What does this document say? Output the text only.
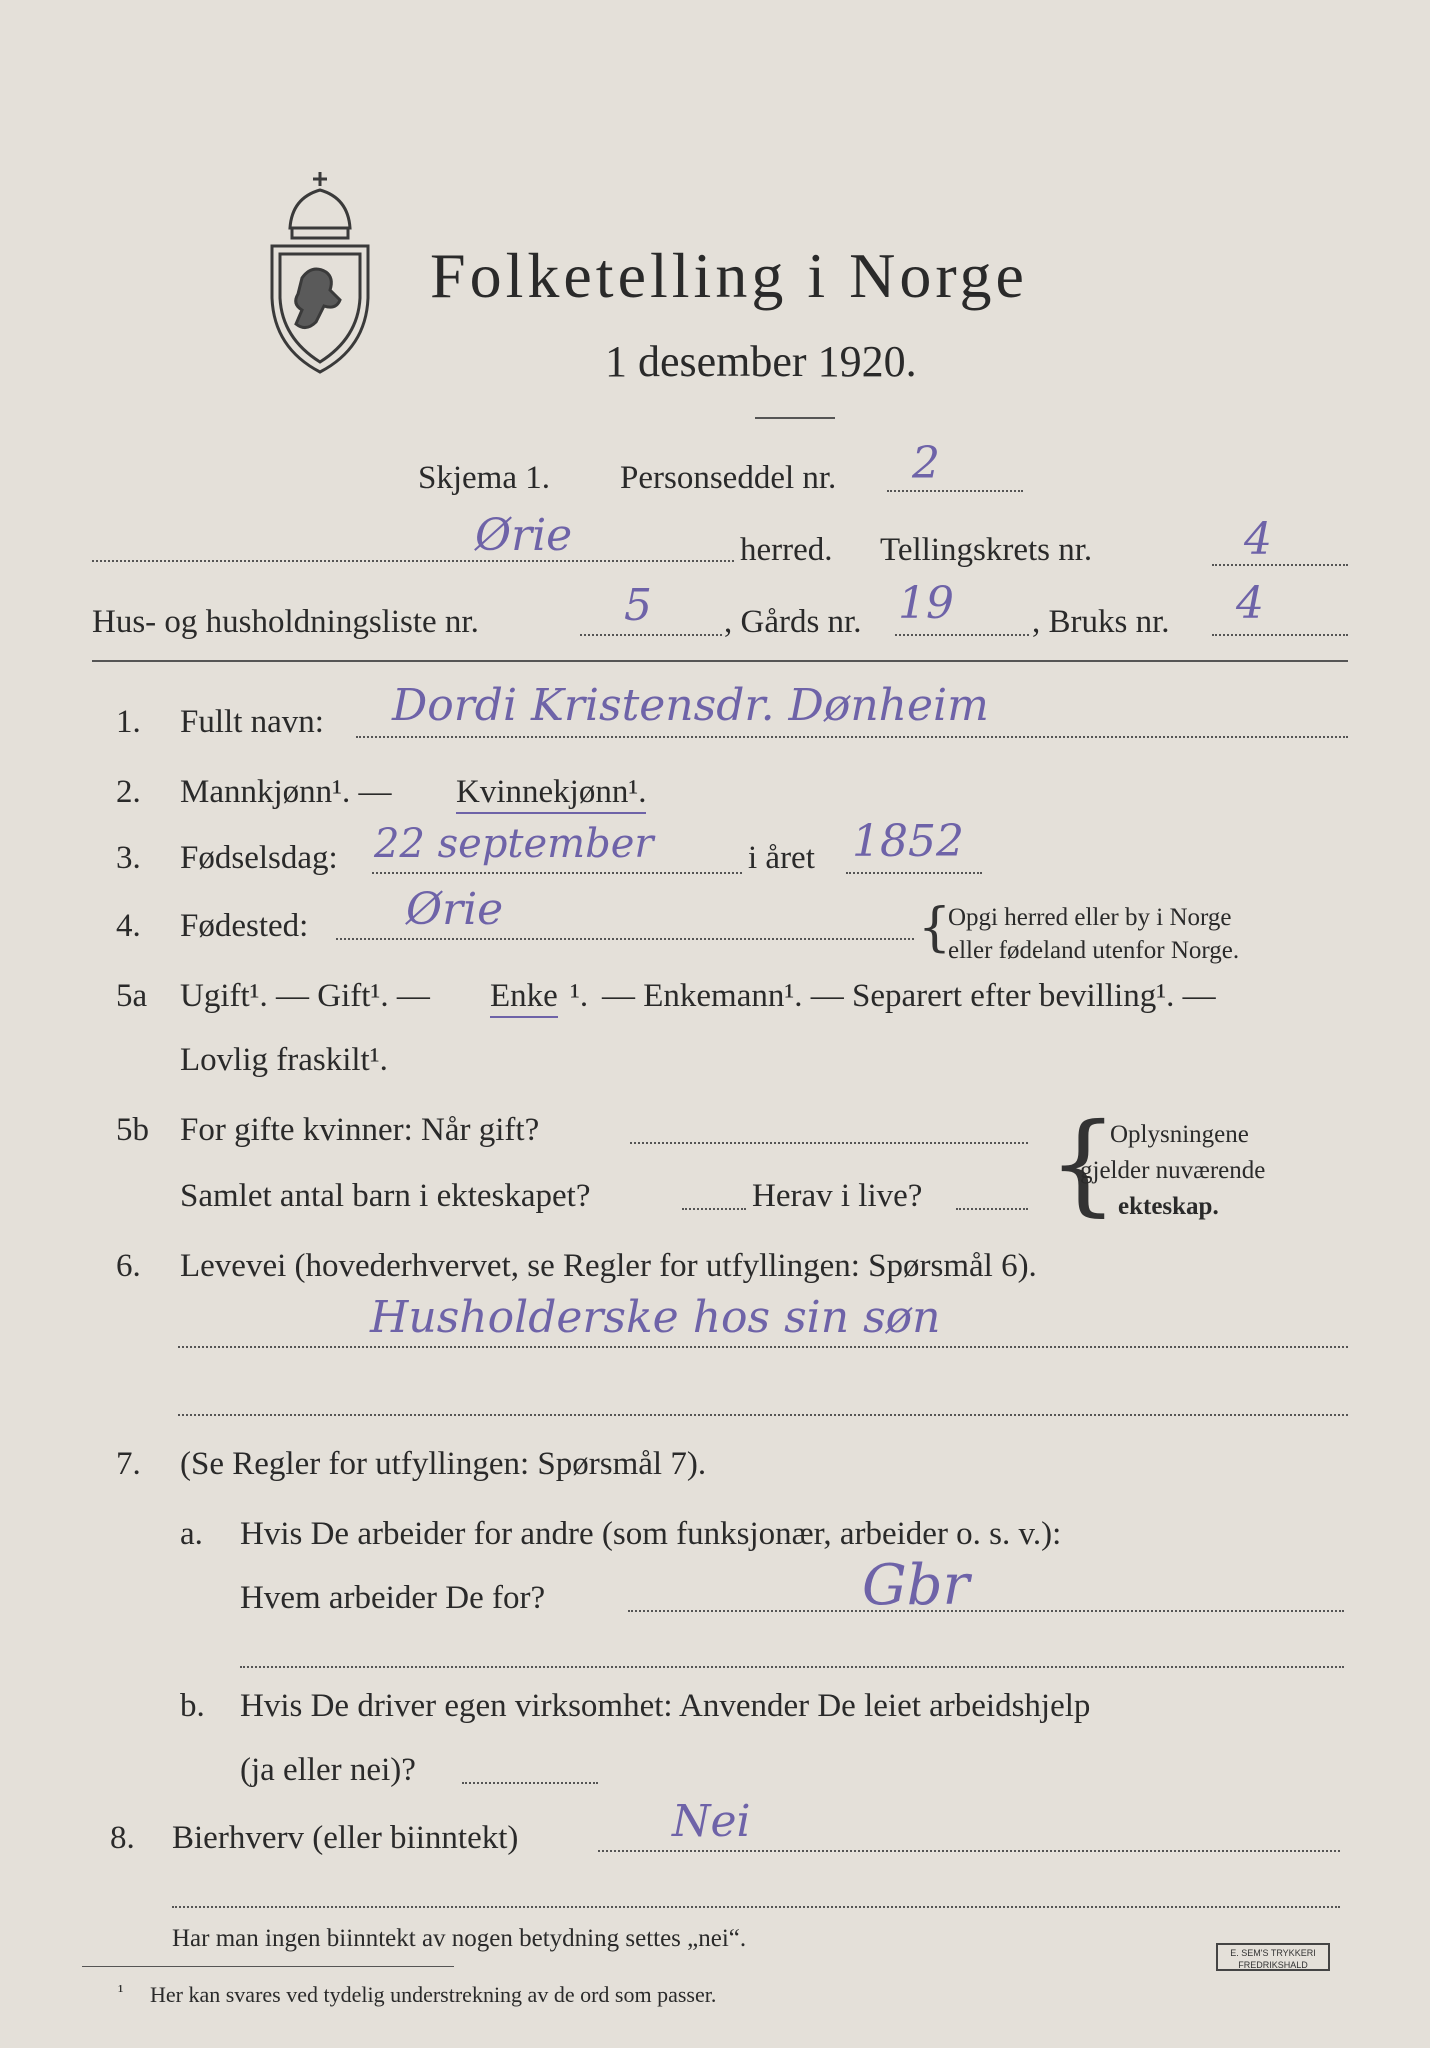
Folketelling i Norge
1 desember 1920.
Skjema 1. Personseddel nr. 2
Ørie	herred. Tellingskrets nr.	4
Hus- og husholdningsliste nr.	5 , Gårds nr. 19 , Bruks nr. 4
1. Fullt navn: Dordi Kristensdr. Dønheim
2. Mannkjønn¹. — Kvinnekjønn¹.
3. Fødselsdag: 22 september	i året 1852
4. Fødested: Ørie	{
Opgi herred eller by i Norge
eller fødeland utenfor Norge.
5a Ugift¹. — Gift¹. — Enke ¹. — Enkemann¹. — Separert efter bevilling¹. —
Lovlig fraskilt¹.
5b For gifte kvinner: Når gift?
Samlet antal barn i ekteskapet?	Herav i live? {
Oplysningene
gjelder nuværende
ekteskap.
6. Levevei (hovederhvervet, se Regler for utfyllingen: Spørsmål 6).
Husholderske hos sin søn
7. (Se Regler for utfyllingen: Spørsmål 7).
a. Hvis De arbeider for andre (som funksjonær, arbeider o. s. v.):
Hvem arbeider De for?	Gbr
b. Hvis De driver egen virksomhet: Anvender De leiet arbeidshjelp
(ja eller nei)?
8. Bierhverv (eller biinntekt)	Nei
Har man ingen biinntekt av nogen betydning settes „nei“.
¹ Her kan svares ved tydelig understrekning av de ord som passer.
E. SEM'S TRYKKERI
FREDRIKSHALD
